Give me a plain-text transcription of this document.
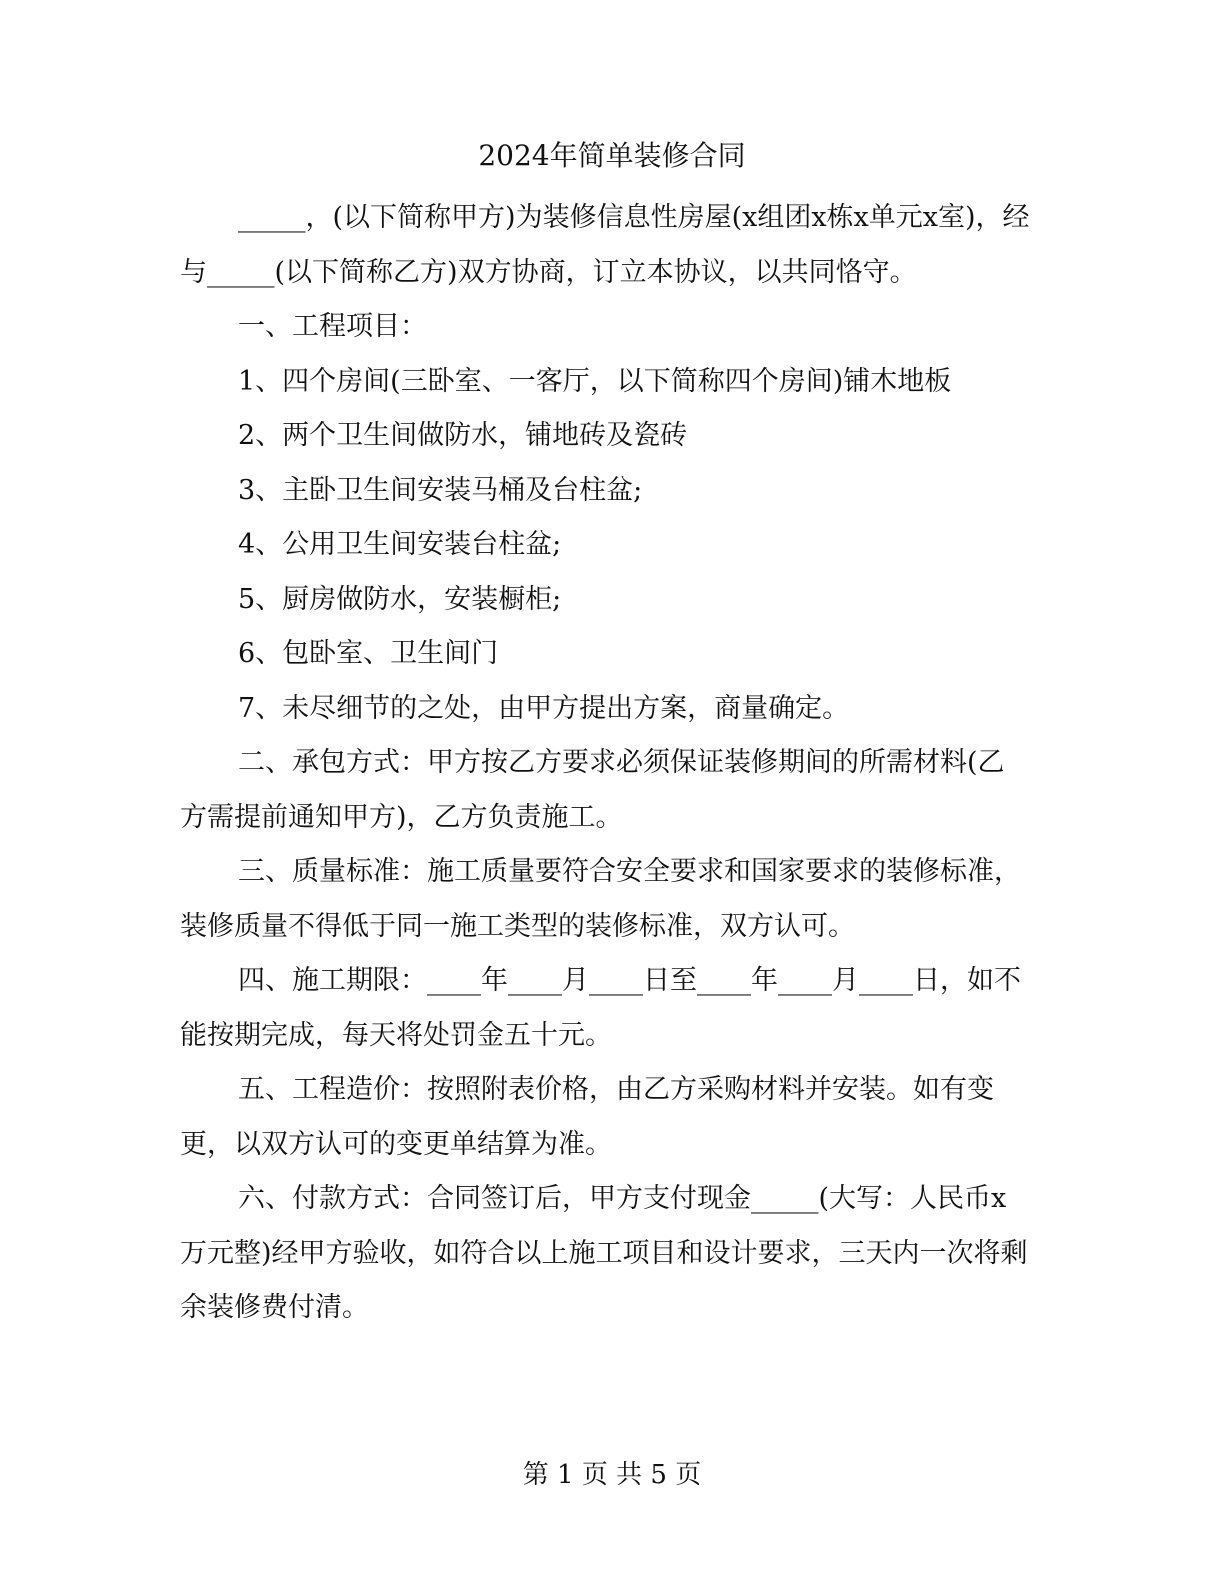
2024年简单装修合同

_____，(以下简称甲方)为装修信息性房屋(x组团x栋x单元x室)，经与_____(以下简称乙方)双方协商，订立本协议，以共同恪守。

一、工程项目：

1、四个房间(三卧室、一客厅，以下简称四个房间)铺木地板

2、两个卫生间做防水，铺地砖及瓷砖

3、主卧卫生间安装马桶及台柱盆;

4、公用卫生间安装台柱盆;

5、厨房做防水，安装橱柜;

6、包卧室、卫生间门

7、未尽细节的之处，由甲方提出方案，商量确定。

二、承包方式：甲方按乙方要求必须保证装修期间的所需材料(乙方需提前通知甲方)，乙方负责施工。

三、质量标准：施工质量要符合安全要求和国家要求的装修标准，装修质量不得低于同一施工类型的装修标准，双方认可。

四、施工期限：____年____月____日至____年____月____日，如不能按期完成，每天将处罚金五十元。

五、工程造价：按照附表价格，由乙方采购材料并安装。如有变更，以双方认可的变更单结算为准。

六、付款方式：合同签订后，甲方支付现金_____(大写：人民币x万元整)经甲方验收，如符合以上施工项目和设计要求，三天内一次将剩余装修费付清。

第 1 页 共 5 页
